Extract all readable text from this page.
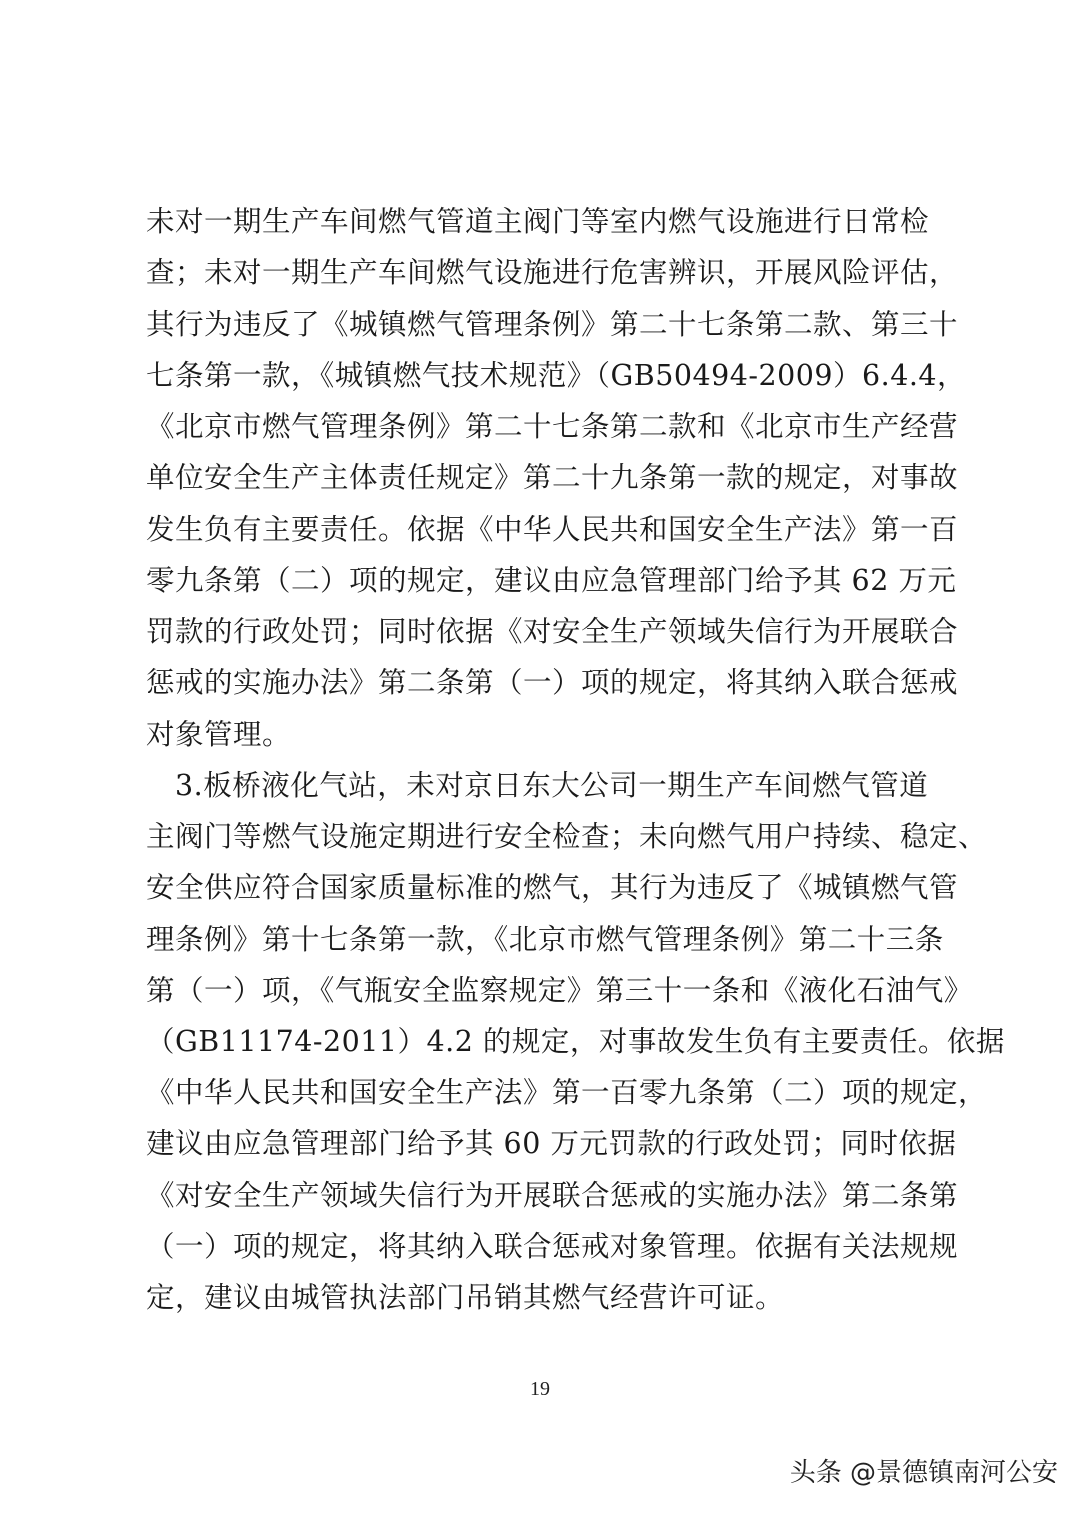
未对一期生产车间燃气管道主阀门等室内燃气设施进行日常检
查；未对一期生产车间燃气设施进行危害辨识，开展风险评估，
其行为违反了《城镇燃气管理条例》第二十七条第二款、第三十
七条第一款，《城镇燃气技术规范》（GB50494-2009）6.4.4，
《北京市燃气管理条例》第二十七条第二款和《北京市生产经营
单位安全生产主体责任规定》第二十九条第一款的规定，对事故
发生负有主要责任。依据《中华人民共和国安全生产法》第一百
零九条第（二）项的规定，建议由应急管理部门给予其 62 万元
罚款的行政处罚；同时依据《对安全生产领域失信行为开展联合
惩戒的实施办法》第二条第（一）项的规定，将其纳入联合惩戒
对象管理。
　3.板桥液化气站，未对京日东大公司一期生产车间燃气管道
主阀门等燃气设施定期进行安全检查；未向燃气用户持续、稳定、
安全供应符合国家质量标准的燃气，其行为违反了《城镇燃气管
理条例》第十七条第一款，《北京市燃气管理条例》第二十三条
第（一）项，《气瓶安全监察规定》第三十一条和《液化石油气》
（GB11174-2011）4.2 的规定，对事故发生负有主要责任。依据
《中华人民共和国安全生产法》第一百零九条第（二）项的规定，
建议由应急管理部门给予其 60 万元罚款的行政处罚；同时依据
《对安全生产领域失信行为开展联合惩戒的实施办法》第二条第
（一）项的规定，将其纳入联合惩戒对象管理。依据有关法规规
定，建议由城管执法部门吊销其燃气经营许可证。
19
头条 @景德镇南河公安
